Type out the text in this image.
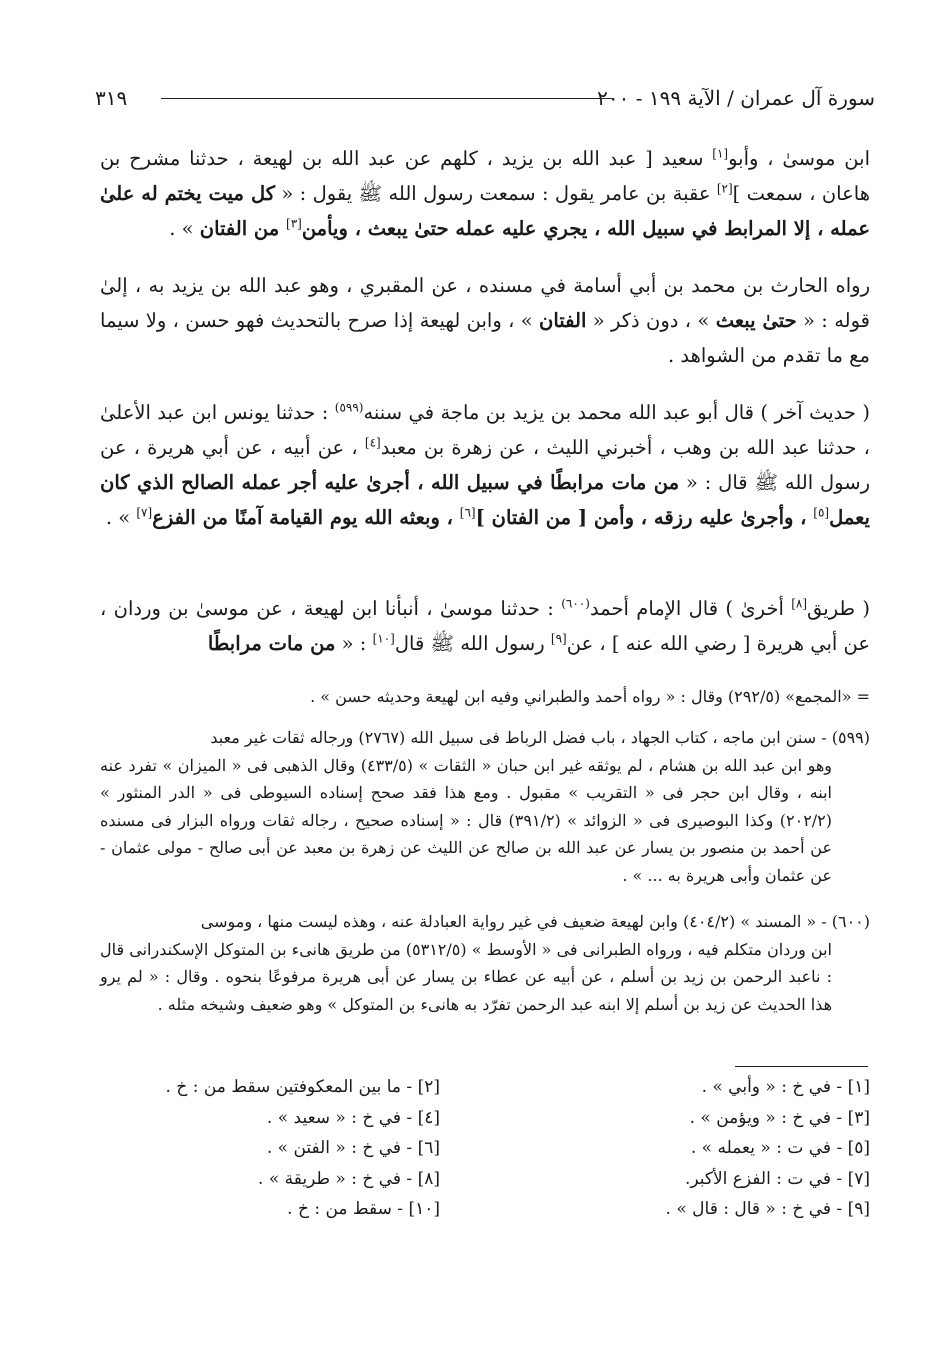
سورة آل عمران / الآية ١٩٩ - ٢٠٠
٣١٩

ابن موسىٰ ، وأبو[١] سعيد [ عبد الله بن يزيد ، كلهم عن عبد الله بن لهيعة ، حدثنا مشرح بن هاعان ، سمعت ][٢] عقبة بن عامر يقول : سمعت رسول الله ﷺ يقول : « كل ميت يختم له علىٰ عمله ، إلا المرابط في سبيل الله ، يجري عليه عمله حتىٰ يبعث ، ويأمن[٣] من الفتان » .

رواه الحارث بن محمد بن أبي أسامة في مسنده ، عن المقبري ، وهو عبد الله بن يزيد به ، إلىٰ قوله : « حتىٰ يبعث » ، دون ذكر « الفتان » ، وابن لهيعة إذا صرح بالتحديث فهو حسن ، ولا سيما مع ما تقدم من الشواهد .

( حديث آخر ) قال أبو عبد الله محمد بن يزيد بن ماجة في سننه$^{(٥٩٩)}$ : حدثنا يونس ابن عبد الأعلىٰ ، حدثنا عبد الله بن وهب ، أخبرني الليث ، عن زهرة بن معبد[٤] ، عن أبيه ، عن أبي هريرة ، عن رسول الله ﷺ قال : « من مات مرابطًا في سبيل الله ، أجرىٰ عليه أجر عمله الصالح الذي كان يعمل[٥] ، وأجرىٰ عليه رزقه ، وأمن [ من الفتان ][٦] ، وبعثه الله يوم القيامة آمنًا من الفزع[٧] » .

( طريق[٨] أخرىٰ ) قال الإمام أحمد$^{(٦٠٠)}$ : حدثنا موسىٰ ، أنبأنا ابن لهيعة ، عن موسىٰ بن وردان ، عن أبي هريرة [ رضي الله عنه ] ، عن[٩] رسول الله ﷺ قال[١٠] : « من مات مرابطًا

= «المجمع» (٢٩٢/٥) وقال : « رواه أحمد والطبراني وفيه ابن لهيعة وحديثه حسن » .

(٥٩٩) - سنن ابن ماجه ، كتاب الجهاد ، باب فضل الرباط فى سبيل الله (٢٧٦٧) ورجاله ثقات غير معبد
وهو ابن عبد الله بن هشام ، لم يوثقه غير ابن حبان « الثقات » (٤٣٣/٥) وقال الذهبى فى « الميزان » تفرد عنه ابنه ، وقال ابن حجر فى « التقريب » مقبول . ومع هذا فقد صحح إسناده السيوطى فى « الدر المنثور » (٢٠٢/٢) وكذا البوصيرى فى « الزوائد » (٣٩١/٢) قال : « إسناده صحيح ، رجاله ثقات ورواه البزار فى مسنده عن أحمد بن منصور بن يسار عن عبد الله بن صالح عن الليث عن زهرة بن معبد عن أبى صالح - مولى عثمان - عن عثمان وأبى هريرة به ... » .
(٦٠٠) - « المسند » (٤٠٤/٢) وابن لهيعة ضعيف في غير رواية العبادلة عنه ، وهذه ليست منها ، وموسى
ابن وردان متكلم فيه ، ورواه الطبرانى فى « الأوسط » (٥٣١٢/٥) من طريق هانىء بن المتوكل الإسكندرانى قال : ناعبد الرحمن بن زيد بن أسلم ، عن أبيه عن عطاء بن يسار عن أبى هريرة مرفوعًا بنحوه . وقال : « لم يرو هذا الحديث عن زيد بن أسلم إلا ابنه عبد الرحمن تفرّد به هانىء بن المتوكل » وهو ضعيف وشيخه مثله .
[١] - في خ : « وأبي » .
[٢] - ما بين المعكوفتين سقط من : خ .
[٣] - في خ : « ويؤمن » .
[٤] - في خ : « سعيد » .
[٥] - في ت : « يعمله » .
[٦] - في خ : « الفتن » .
[٧] - في ت : الفزع الأكبر.
[٨] - في خ : « طريقة » .
[٩] - في خ : « قال : قال » .
[١٠] - سقط من : خ .
